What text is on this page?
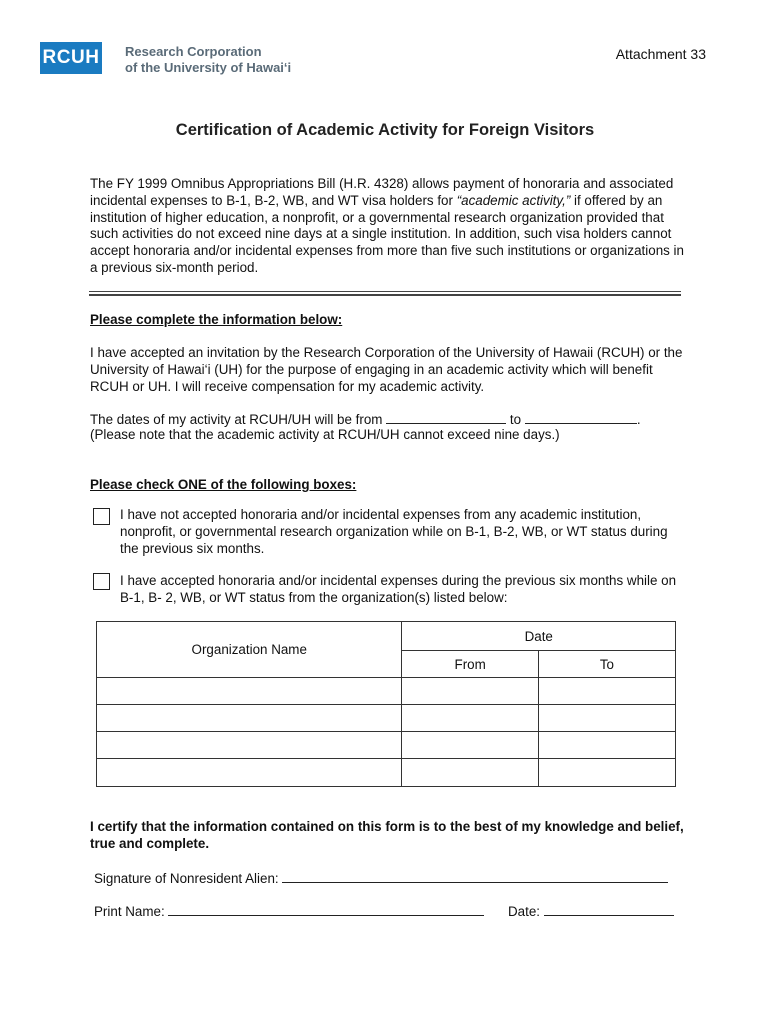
RCUH Research Corporation
of the University of Hawai‘i
Attachment 33
Certification of Academic Activity for Foreign Visitors
The FY 1999 Omnibus Appropriations Bill (H.R. 4328) allows payment of honoraria and associated incidental expenses to B-1, B-2, WB, and WT visa holders for “academic activity,” if offered by an institution of higher education, a nonprofit, or a governmental research organization provided that such activities do not exceed nine days at a single institution. In addition, such visa holders cannot accept honoraria and/or incidental expenses from more than five such institutions or organizations in a previous six-month period.
Please complete the information below:
I have accepted an invitation by the Research Corporation of the University of Hawaii (RCUH) or the University of Hawai‘i (UH) for the purpose of engaging in an academic activity which will benefit RCUH or UH. I will receive compensation for my academic activity.
The dates of my activity at RCUH/UH will be from	to	.
(Please note that the academic activity at RCUH/UH cannot exceed nine days.)
Please check ONE of the following boxes:
I have not accepted honoraria and/or incidental expenses from any academic institution, nonprofit, or governmental research organization while on B-1, B-2, WB, or WT status during the previous six months.
I have accepted honoraria and/or incidental expenses during the previous six months while on B-1, B- 2, WB, or WT status from the organization(s) listed below:
Organization Name	Date	
	From	To

I certify that the information contained on this form is to the best of my knowledge and belief, true and complete.
Signature of Nonresident Alien:
Print Name:	Date:
